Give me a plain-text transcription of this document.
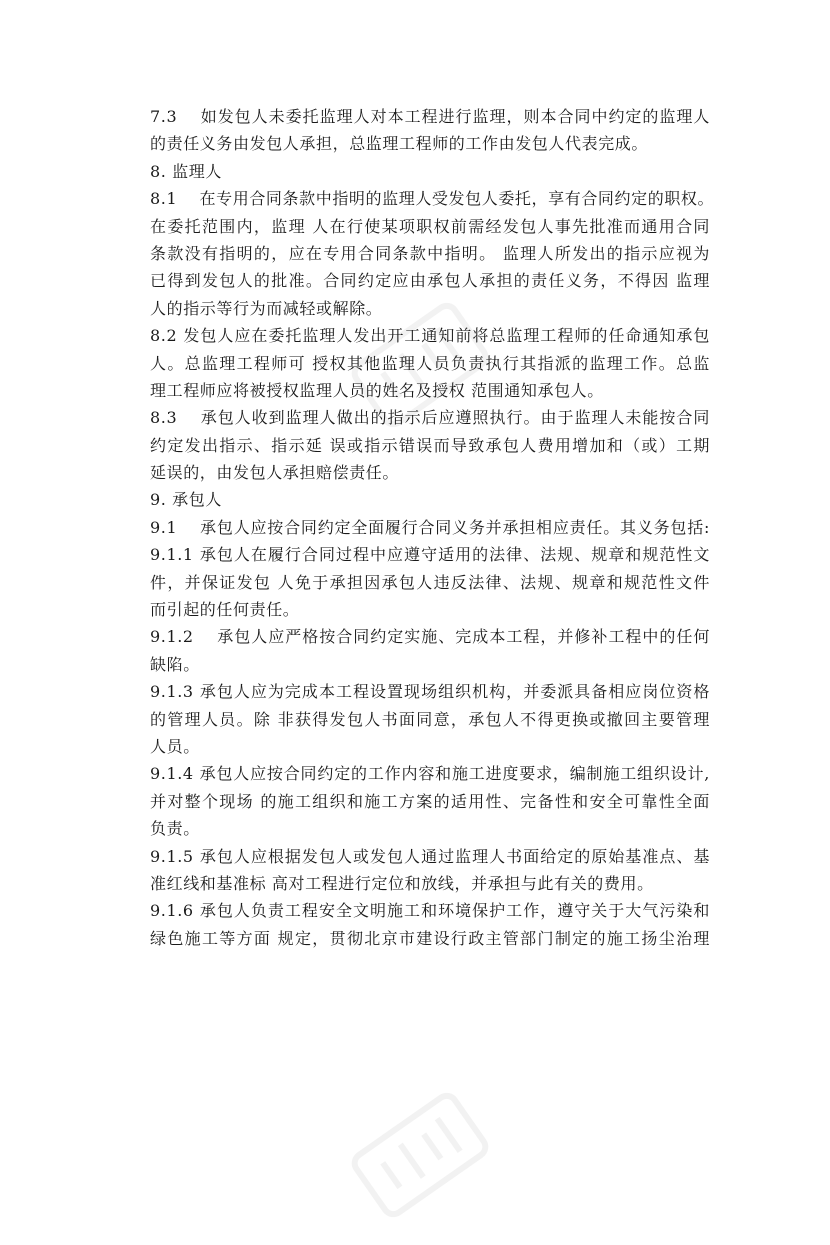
7.3　 如发包人未委托监理人对本工程进行监理，则本合同中约定的监理人
的责任义务由发包人承担，总监理工程师的工作由发包人代表完成。
8. 监理人
8.1　 在专用合同条款中指明的监理人受发包人委托，享有合同约定的职权。
在委托范围内，监理 人在行使某项职权前需经发包人事先批准而通用合同
条款没有指明的，应在专用合同条款中指明。 监理人所发出的指示应视为
已得到发包人的批准。合同约定应由承包人承担的责任义务，不得因 监理
人的指示等行为而减轻或解除。
8.2 发包人应在委托监理人发出开工通知前将总监理工程师的任命通知承包
人。总监理工程师可 授权其他监理人员负责执行其指派的监理工作。总监
理工程师应将被授权监理人员的姓名及授权 范围通知承包人。
8.3　 承包人收到监理人做出的指示后应遵照执行。由于监理人未能按合同
约定发出指示、指示延 误或指示错误而导致承包人费用增加和（或）工期
延误的，由发包人承担赔偿责任。
9. 承包人
9.1　 承包人应按合同约定全面履行合同义务并承担相应责任。其义务包括:
9.1.1 承包人在履行合同过程中应遵守适用的法律、法规、规章和规范性文
件，并保证发包 人免于承担因承包人违反法律、法规、规章和规范性文件
而引起的任何责任。
9.1.2　 承包人应严格按合同约定实施、完成本工程，并修补工程中的任何
缺陷。
9.1.3 承包人应为完成本工程设置现场组织机构，并委派具备相应岗位资格
的管理人员。除 非获得发包人书面同意，承包人不得更换或撤回主要管理
人员。
9.1.4 承包人应按合同约定的工作内容和施工进度要求，编制施工组织设计,
并对整个现场 的施工组织和施工方案的适用性、完备性和安全可靠性全面
负责。
9.1.5 承包人应根据发包人或发包人通过监理人书面给定的原始基准点、基
准红线和基准标 高对工程进行定位和放线，并承担与此有关的费用。
9.1.6 承包人负责工程安全文明施工和环境保护工作，遵守关于大气污染和
绿色施工等方面 规定，贯彻北京市建设行政主管部门制定的施工扬尘治理
